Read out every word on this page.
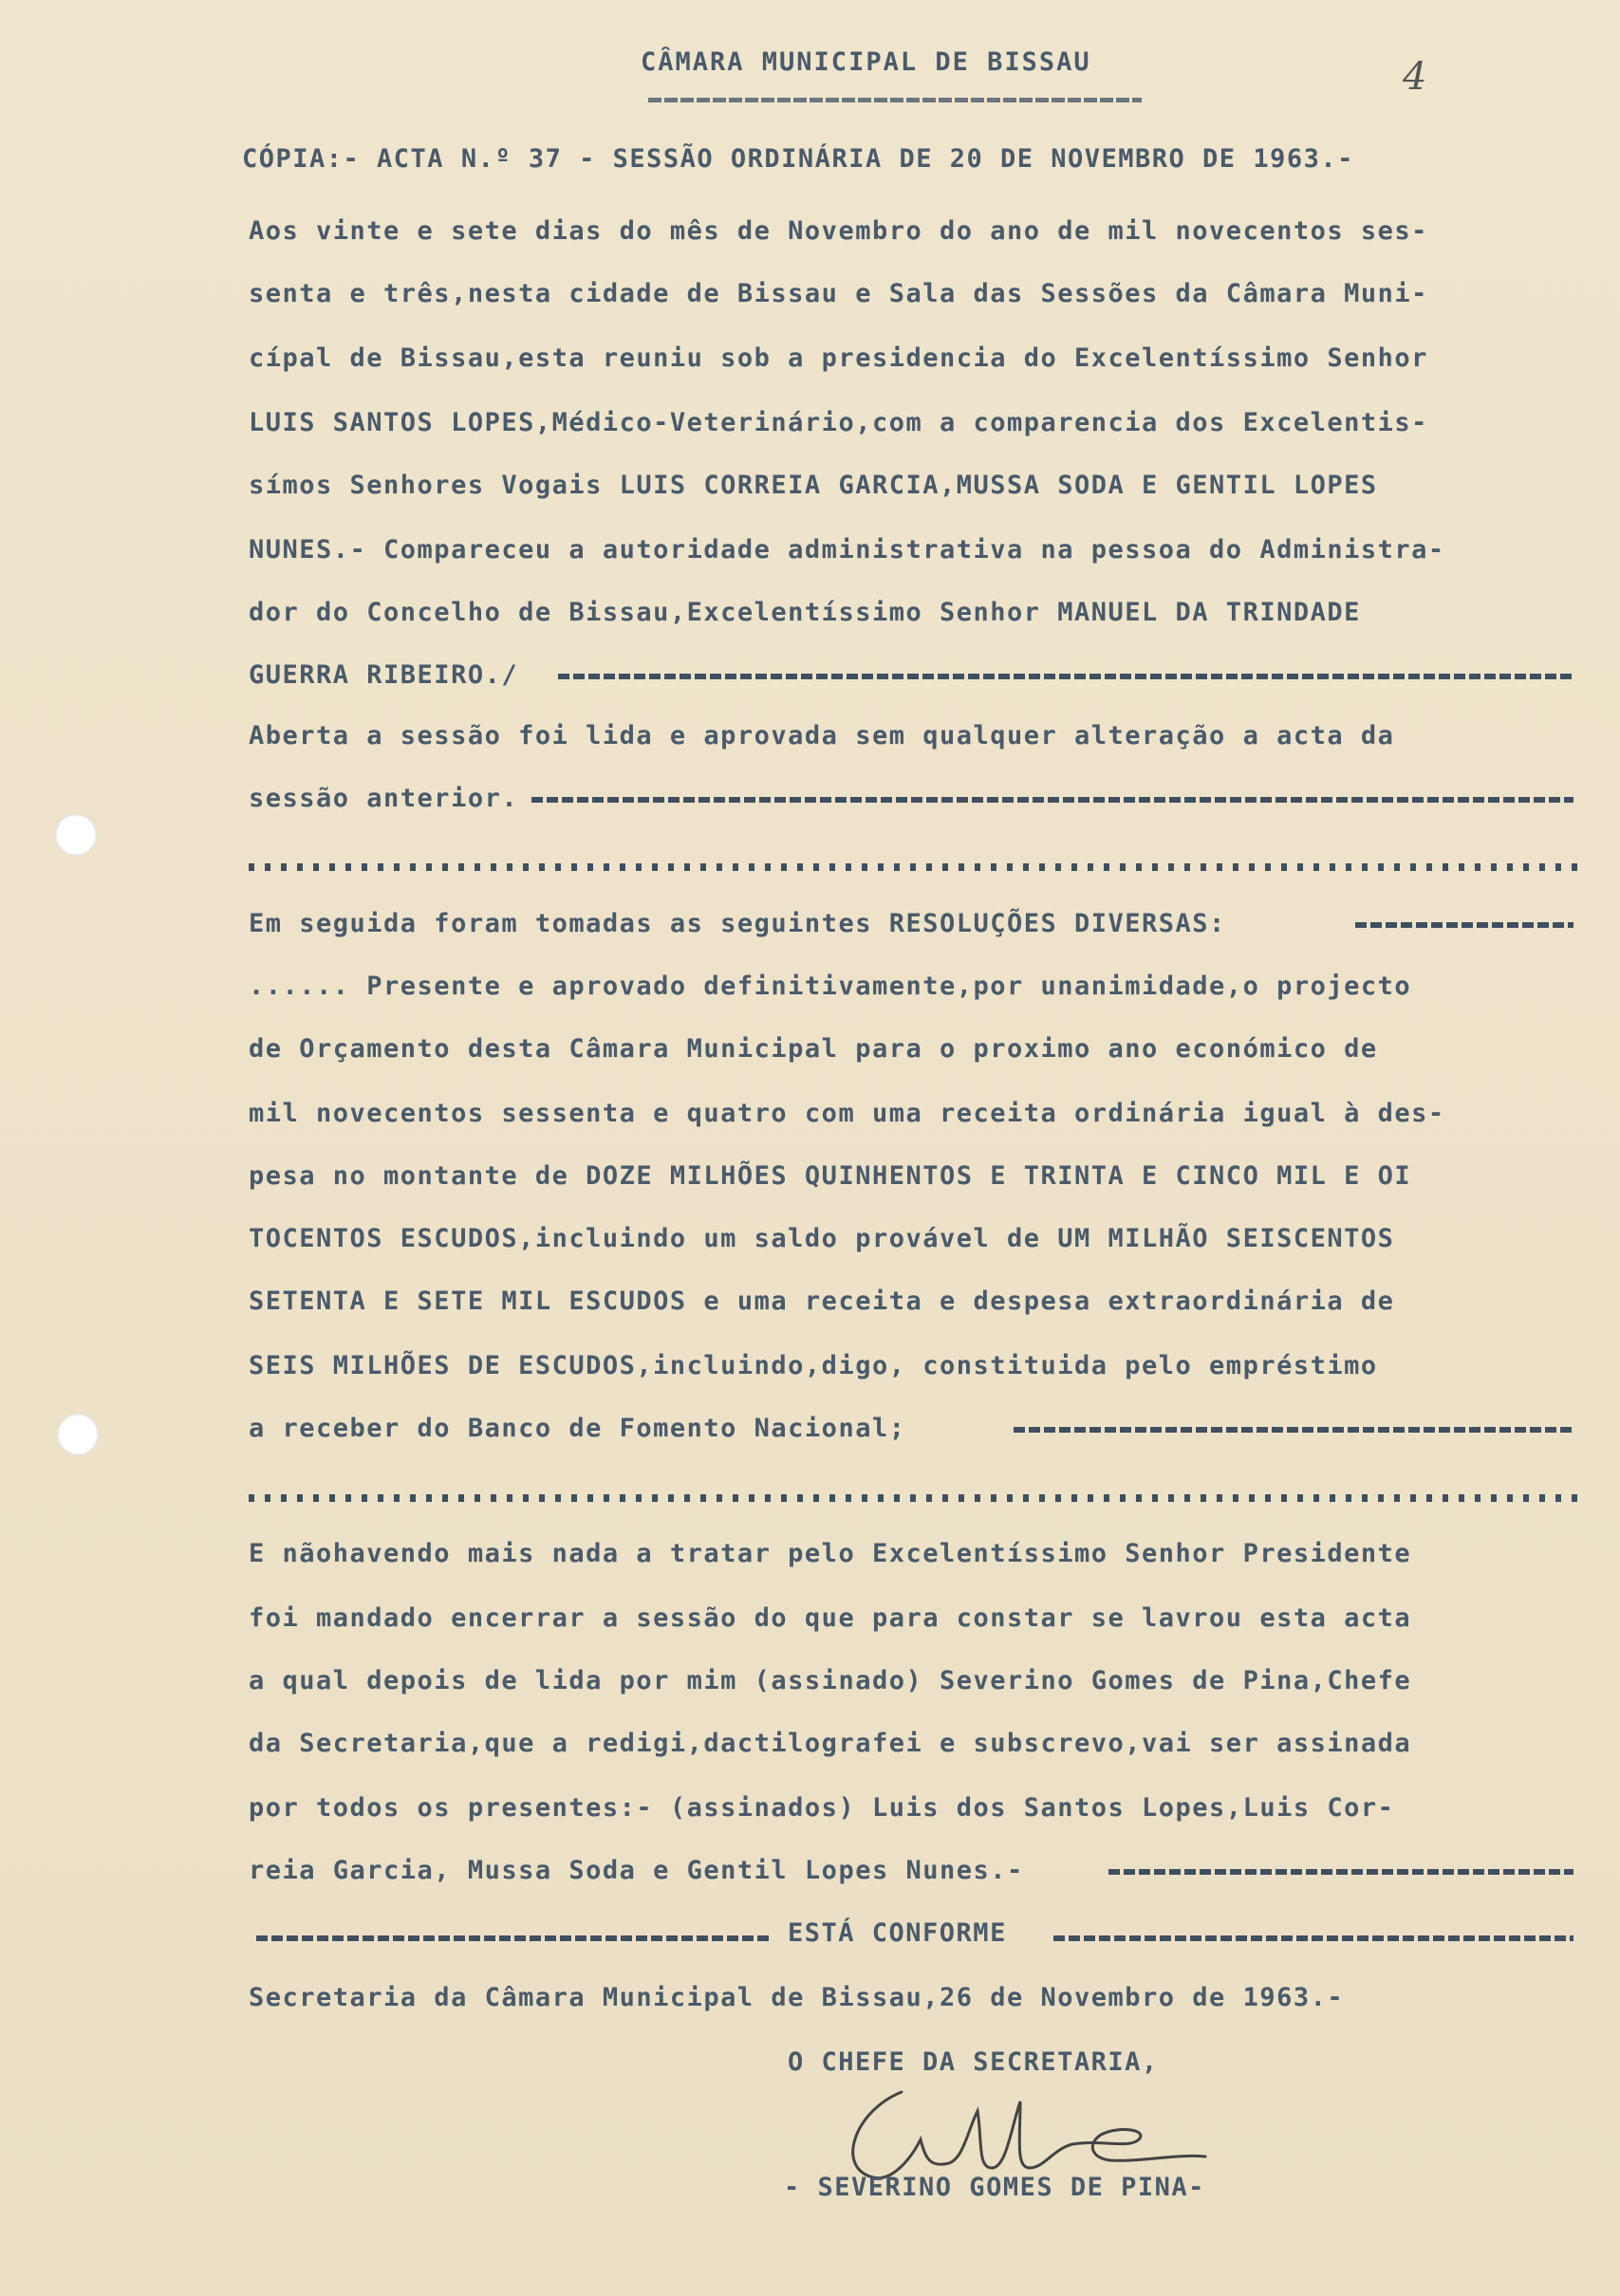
CÂMARA MUNICIPAL DE BISSAU	4
CÓPIA:- ACTA N.º 37 - SESSÃO ORDINÁRIA DE 20 DE NOVEMBRO DE 1963.-
Aos vinte e sete dias do mês de Novembro do ano de mil novecentos ses-
senta e três,nesta cidade de Bissau e Sala das Sessões da Câmara Muni-
cípal de Bissau,esta reuniu sob a presidencia do Excelentíssimo Senhor
LUIS SANTOS LOPES,Médico-Veterinário,com a comparencia dos Excelentis-
símos Senhores Vogais LUIS CORREIA GARCIA,MUSSA SODA E GENTIL LOPES
NUNES.- Compareceu a autoridade administrativa na pessoa do Administra-
dor do Concelho de Bissau,Excelentíssimo Senhor MANUEL DA TRINDADE
GUERRA RIBEIRO./
Aberta a sessão foi lida e aprovada sem qualquer alteração a acta da
sessão anterior.
Em seguida foram tomadas as seguintes RESOLUÇÕES DIVERSAS:
...... Presente e aprovado definitivamente,por unanimidade,o projecto
de Orçamento desta Câmara Municipal para o proximo ano económico de
mil novecentos sessenta e quatro com uma receita ordinária igual à des-
pesa no montante de DOZE MILHÕES QUINHENTOS E TRINTA E CINCO MIL E OI
TOCENTOS ESCUDOS,incluindo um saldo provável de UM MILHÃO SEISCENTOS
SETENTA E SETE MIL ESCUDOS e uma receita e despesa extraordinária de
SEIS MILHÕES DE ESCUDOS,incluindo,digo, constituida pelo empréstimo
a receber do Banco de Fomento Nacional;
E nãohavendo mais nada a tratar pelo Excelentíssimo Senhor Presidente
foi mandado encerrar a sessão do que para constar se lavrou esta acta
a qual depois de lida por mim (assinado) Severino Gomes de Pina,Chefe
da Secretaria,que a redigi,dactilografei e subscrevo,vai ser assinada
por todos os presentes:- (assinados) Luis dos Santos Lopes,Luis Cor-
reia Garcia, Mussa Soda e Gentil Lopes Nunes.-
ESTÁ CONFORME
Secretaria da Câmara Municipal de Bissau,26 de Novembro de 1963.-
O CHEFE DA SECRETARIA,
- SEVERINO GOMES DE PINA-
